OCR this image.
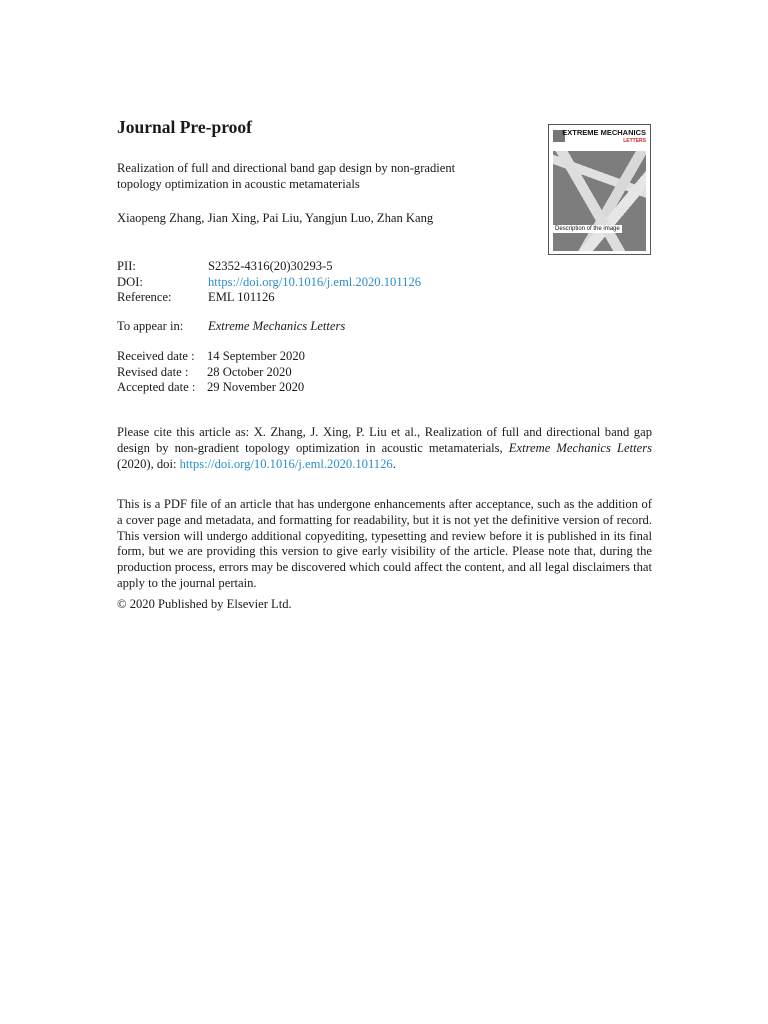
Journal Pre-proof
Realization of full and directional band gap design by non-gradient
topology optimization in acoustic metamaterials
Xiaopeng Zhang, Jian Xing, Pai Liu, Yangjun Luo, Zhan Kang
EXTREME MECHANICS
LETTERS
Description of the image
PII:	S2352-4316(20)30293-5
DOI:	https://doi.org/10.1016/j.eml.2020.101126
Reference:	EML 101126
To appear in:	Extreme Mechanics Letters
Received date : 14 September 2020
Revised date :	28 October 2020
Accepted date : 29 November 2020
Please cite this article as: X. Zhang, J. Xing, P. Liu et al., Realization of full and directional band gap design by non-gradient topology optimization in acoustic metamaterials, Extreme Mechanics Letters (2020), doi: https://doi.org/10.1016/j.eml.2020.101126.
This is a PDF file of an article that has undergone enhancements after acceptance, such as the addition of a cover page and metadata, and formatting for readability, but it is not yet the definitive version of record. This version will undergo additional copyediting, typesetting and review before it is published in its final form, but we are providing this version to give early visibility of the article. Please note that, during the production process, errors may be discovered which could affect the content, and all legal disclaimers that apply to the journal pertain.
© 2020 Published by Elsevier Ltd.
